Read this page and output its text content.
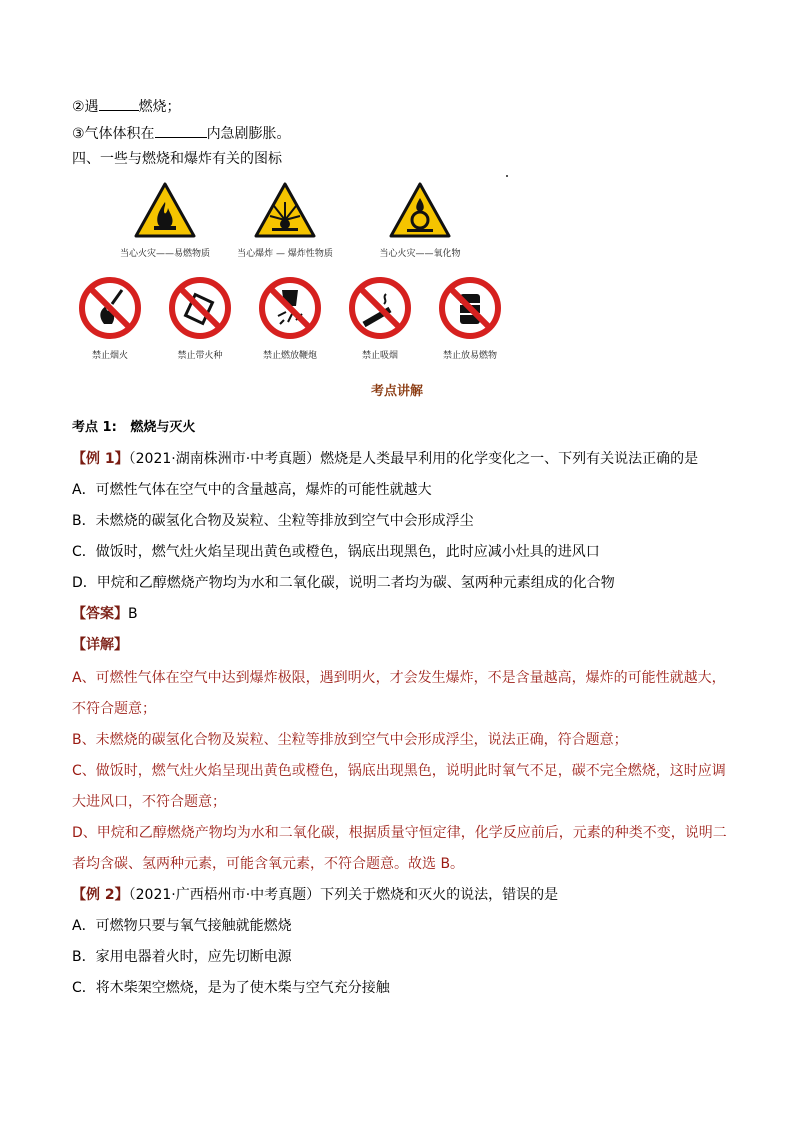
②遇	燃烧；
③气体体积在	内急剧膨胀。
四、一些与燃烧和爆炸有关的图标
当心火灾——易燃物质	当心爆炸 — 爆炸性物质	当心火灾——氧化物
禁止烟火	禁止带火种	禁止燃放鞭炮	禁止吸烟	禁止放易燃物
考点讲解
考点 1: 燃烧与灭火
【例 1】（2021·湖南株洲市·中考真题）燃烧是人类最早利用的化学变化之一、下列有关说法正确的是
A．可燃性气体在空气中的含量越高，爆炸的可能性就越大
B．未燃烧的碳氢化合物及炭粒、尘粒等排放到空气中会形成浮尘
C．做饭时，燃气灶火焰呈现出黄色或橙色，锅底出现黑色，此时应减小灶具的进风口
D．甲烷和乙醇燃烧产物均为水和二氧化碳，说明二者均为碳、氢两种元素组成的化合物
【答案】B
【详解】
A、可燃性气体在空气中达到爆炸极限，遇到明火，才会发生爆炸，不是含量越高，爆炸的可能性就越大，
不符合题意；
B、未燃烧的碳氢化合物及炭粒、尘粒等排放到空气中会形成浮尘，说法正确，符合题意；
C、做饭时，燃气灶火焰呈现出黄色或橙色，锅底出现黑色，说明此时氧气不足，碳不完全燃烧，这时应调
大进风口，不符合题意；
D、甲烷和乙醇燃烧产物均为水和二氧化碳，根据质量守恒定律，化学反应前后，元素的种类不变，说明二
者均含碳、氢两种元素，可能含氧元素，不符合题意。故选 B。
【例 2】（2021·广西梧州市·中考真题）下列关于燃烧和灭火的说法，错误的是
A．可燃物只要与氧气接触就能燃烧
B．家用电器着火时，应先切断电源
C．将木柴架空燃烧，是为了使木柴与空气充分接触
